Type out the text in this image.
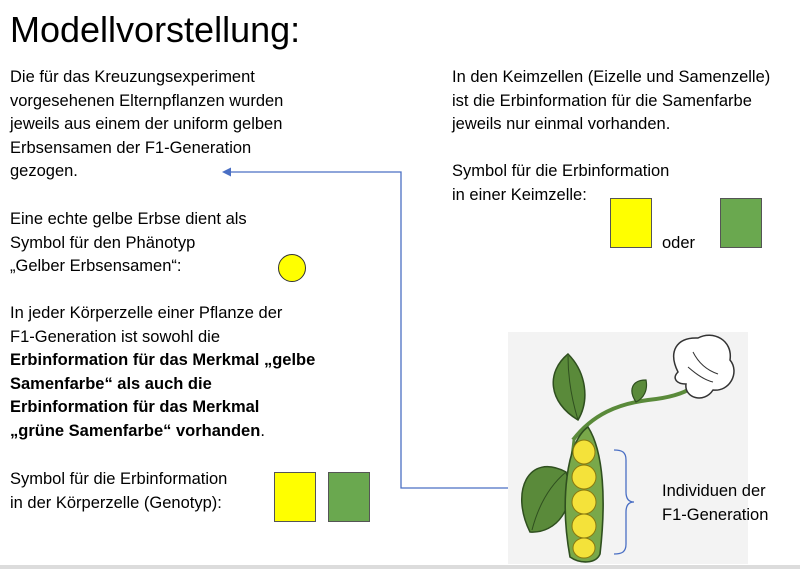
Modellvorstellung:
Die für das Kreuzungsexperiment
vorgesehenen Elternpflanzen wurden
jeweils aus einem der uniform gelben
Erbsensamen der F1-Generation
gezogen.
Eine echte gelbe Erbse dient als
Symbol für den Phänotyp
„Gelber Erbsensamen“:
In jeder Körperzelle einer Pflanze der
F1-Generation ist sowohl die
Erbinformation für das Merkmal „gelbe
Samenfarbe“ als auch die
Erbinformation für das Merkmal
„grüne Samenfarbe“ vorhanden.
Symbol für die Erbinformation
in der Körperzelle (Genotyp):
In den Keimzellen (Eizelle und Samenzelle)
ist die Erbinformation für die Samenfarbe
jeweils nur einmal vorhanden.
Symbol für die Erbinformation
in einer Keimzelle:
oder
Individuen der
F1-Generation
